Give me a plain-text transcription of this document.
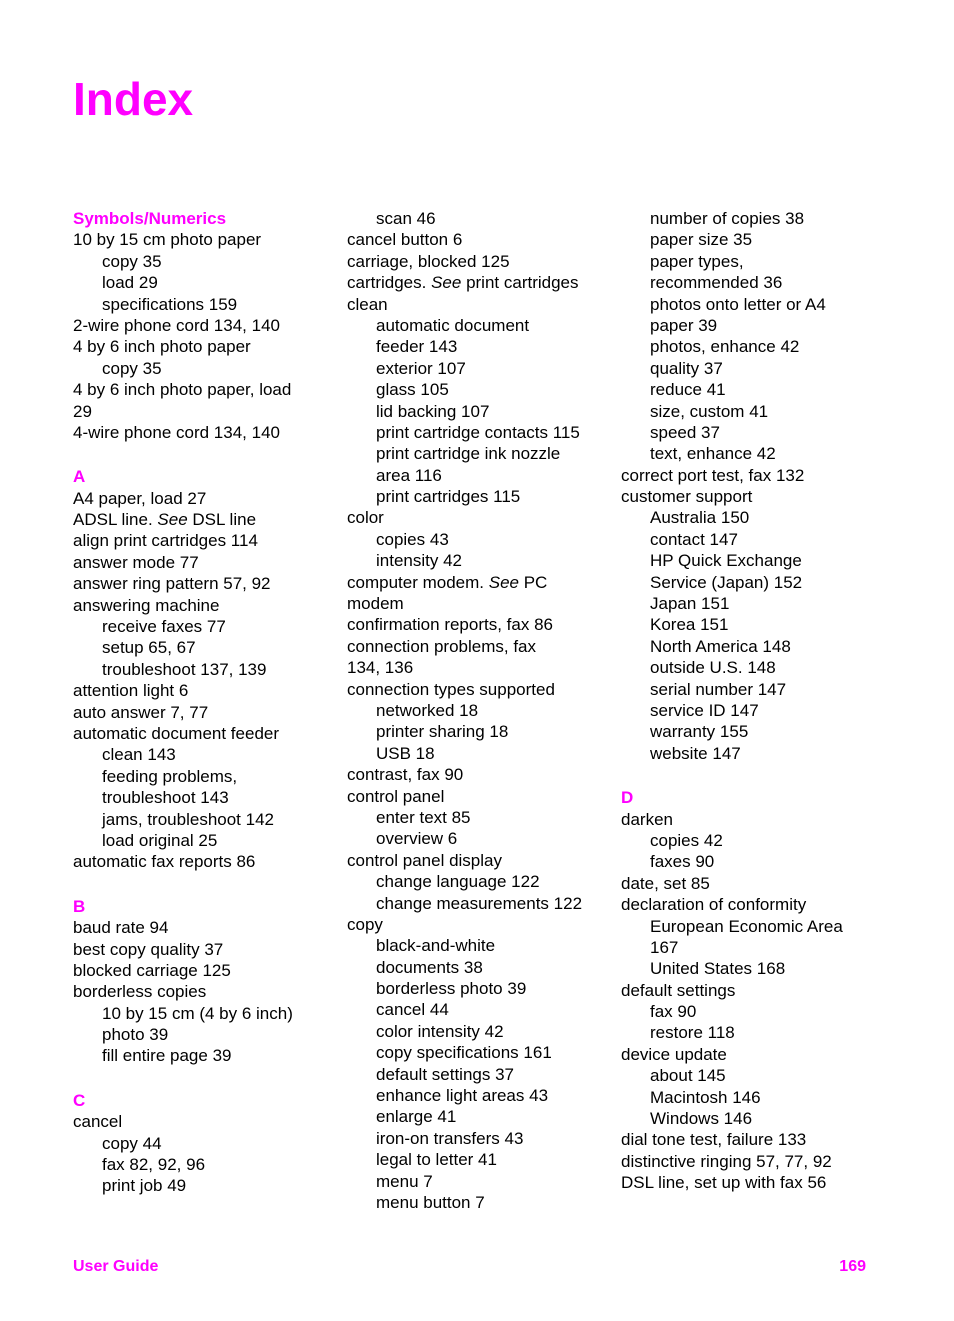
Index
Symbols/Numerics
10 by 15 cm photo paper
copy 35
load 29
specifications 159
2-wire phone cord 134, 140
4 by 6 inch photo paper
copy 35
4 by 6 inch photo paper, load
29
4-wire phone cord 134, 140
A
A4 paper, load 27
ADSL line. See DSL line
align print cartridges 114
answer mode 77
answer ring pattern 57, 92
answering machine
receive faxes 77
setup 65, 67
troubleshoot 137, 139
attention light 6
auto answer 7, 77
automatic document feeder
clean 143
feeding problems,
troubleshoot 143
jams, troubleshoot 142
load original 25
automatic fax reports 86
B
baud rate 94
best copy quality 37
blocked carriage 125
borderless copies
10 by 15 cm (4 by 6 inch)
photo 39
fill entire page 39
C
cancel
copy 44
fax 82, 92, 96
print job 49
scan 46
cancel button 6
carriage, blocked 125
cartridges. See print cartridges
clean
automatic document
feeder 143
exterior 107
glass 105
lid backing 107
print cartridge contacts 115
print cartridge ink nozzle
area 116
print cartridges 115
color
copies 43
intensity 42
computer modem. See PC
modem
confirmation reports, fax 86
connection problems, fax
134, 136
connection types supported
networked 18
printer sharing 18
USB 18
contrast, fax 90
control panel
enter text 85
overview 6
control panel display
change language 122
change measurements 122
copy
black-and-white
documents 38
borderless photo 39
cancel 44
color intensity 42
copy specifications 161
default settings 37
enhance light areas 43
enlarge 41
iron-on transfers 43
legal to letter 41
menu 7
menu button 7
number of copies 38
paper size 35
paper types,
recommended 36
photos onto letter or A4
paper 39
photos, enhance 42
quality 37
reduce 41
size, custom 41
speed 37
text, enhance 42
correct port test, fax 132
customer support
Australia 150
contact 147
HP Quick Exchange
Service (Japan) 152
Japan 151
Korea 151
North America 148
outside U.S. 148
serial number 147
service ID 147
warranty 155
website 147
D
darken
copies 42
faxes 90
date, set 85
declaration of conformity
European Economic Area
167
United States 168
default settings
fax 90
restore 118
device update
about 145
Macintosh 146
Windows 146
dial tone test, failure 133
distinctive ringing 57, 77, 92
DSL line, set up with fax 56
User Guide	169
